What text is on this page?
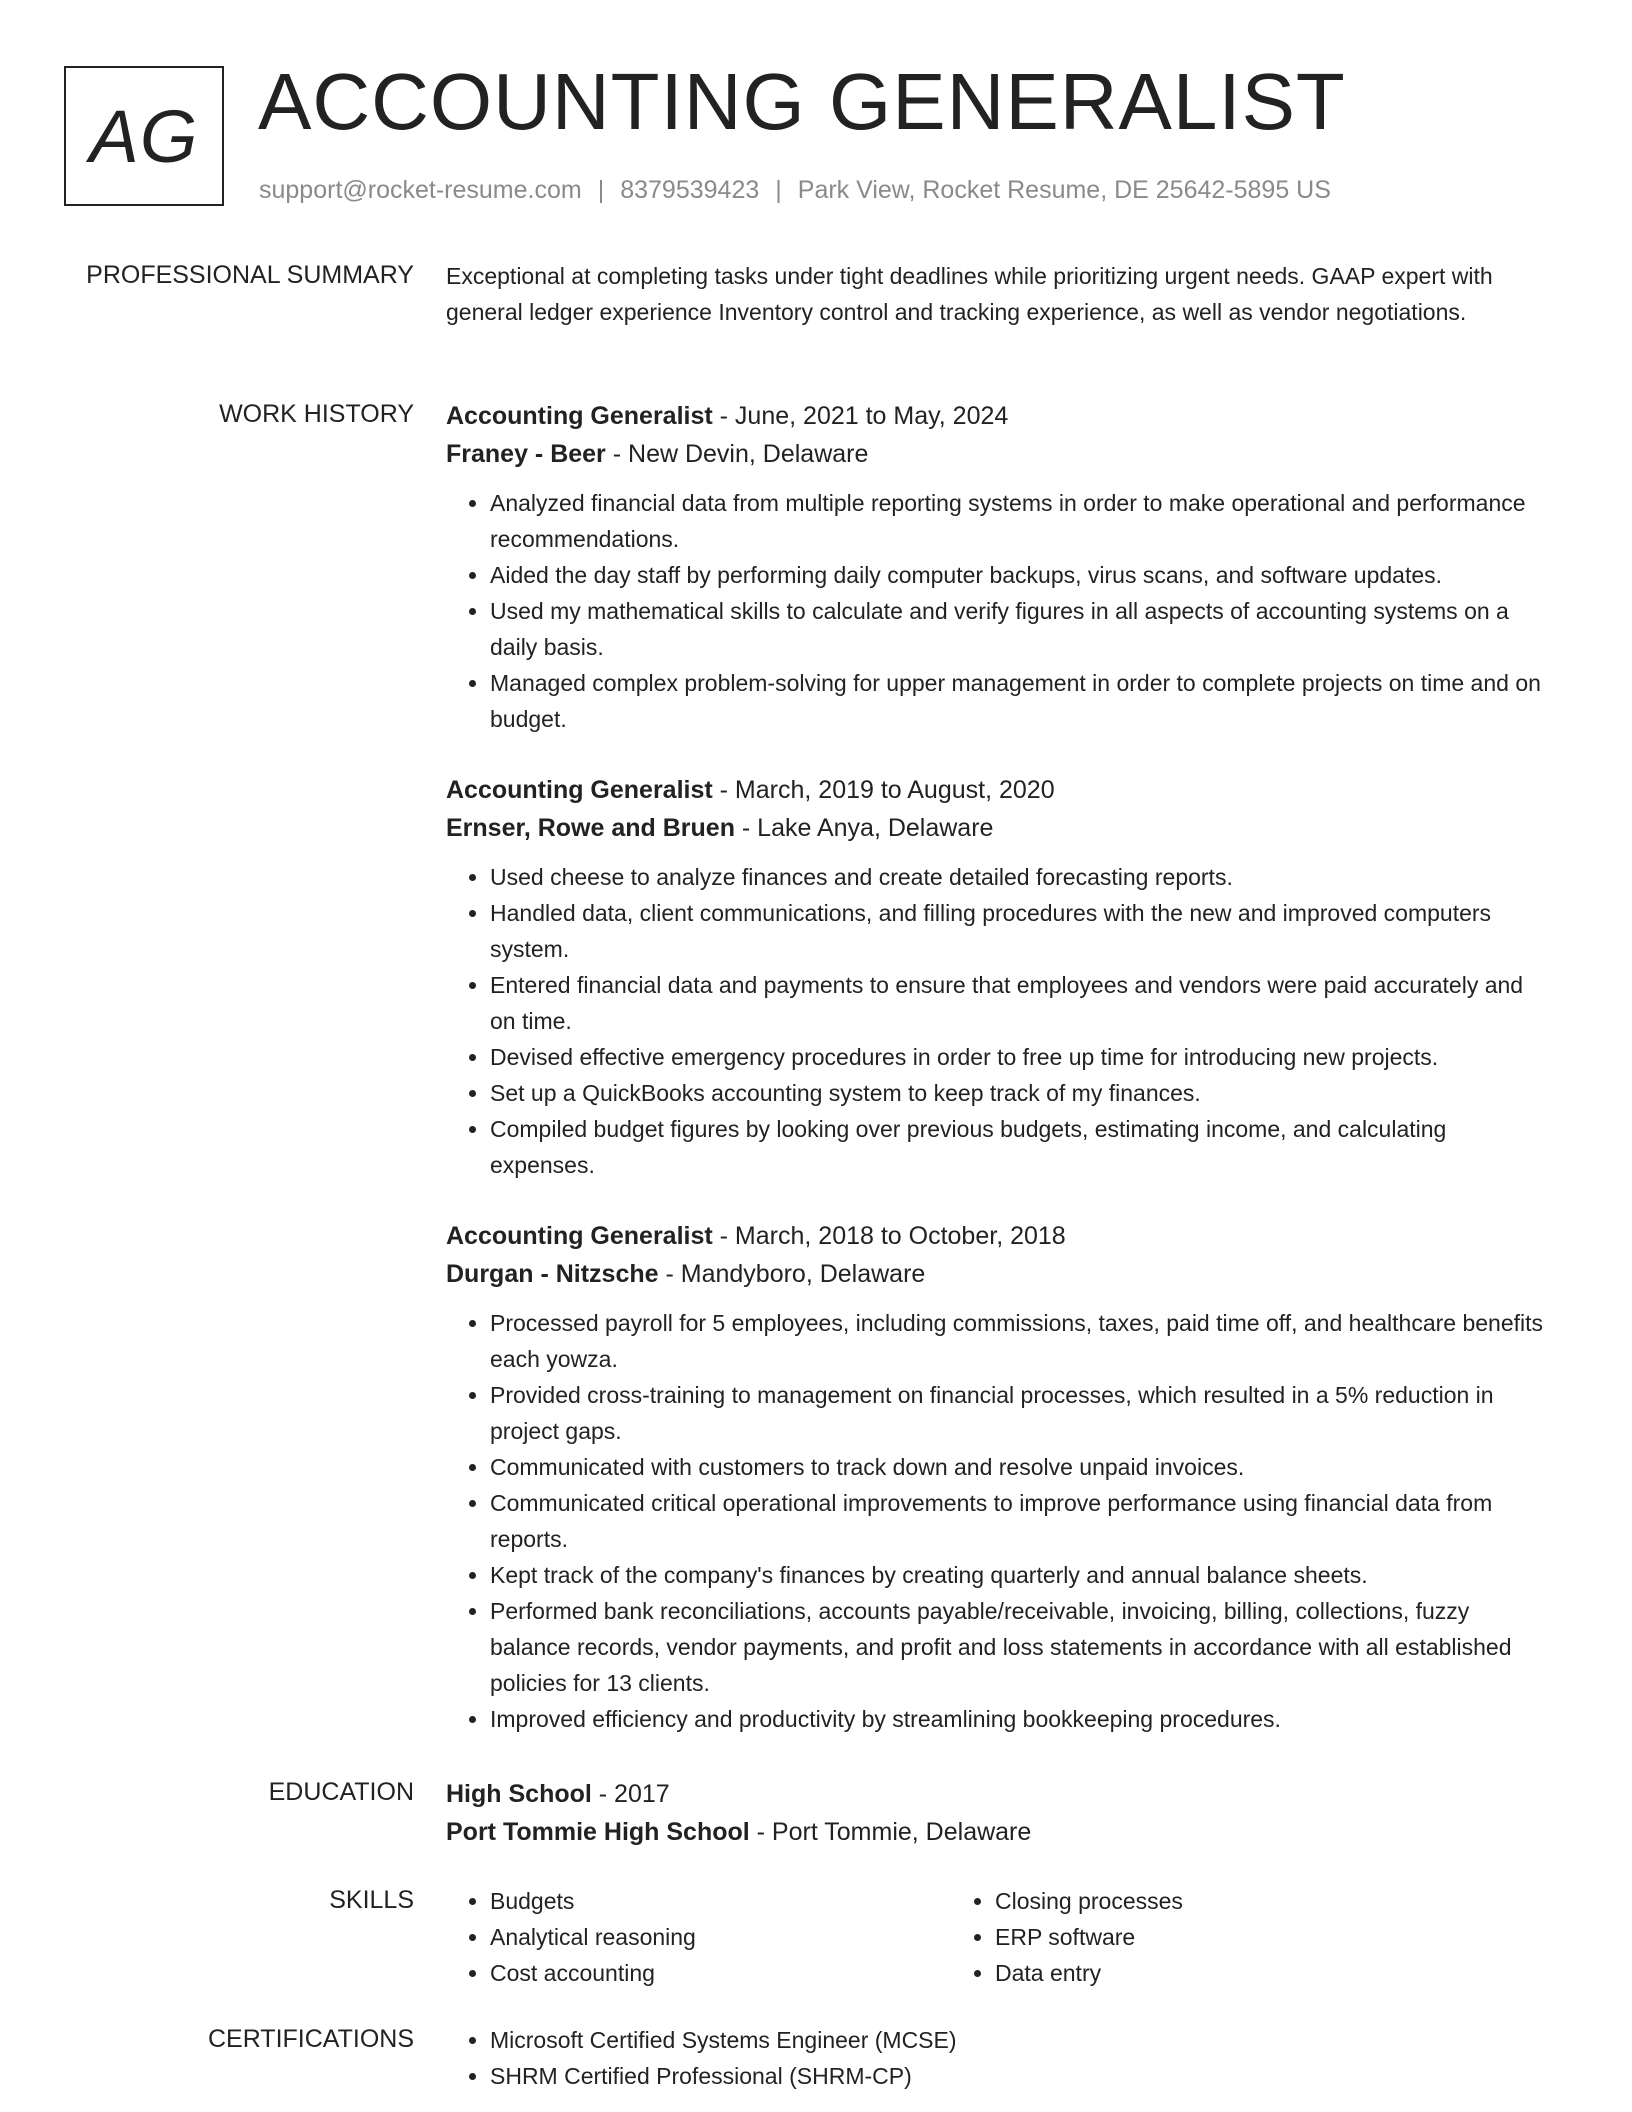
AG ACCOUNTING GENERALIST
support@rocket-resume.com | 8379539423 | Park View, Rocket Resume, DE 25642-5895 US
PROFESSIONAL SUMMARY Exceptional at completing tasks under tight deadlines while prioritizing urgent needs. GAAP expert with general ledger experience Inventory control and tracking experience, as well as vendor negotiations.

WORK HISTORY Accounting Generalist - June, 2021 to May, 2024
Franey - Beer - New Devin, Delaware
• Analyzed financial data from multiple reporting systems in order to make operational and performance recommendations.
• Aided the day staff by performing daily computer backups, virus scans, and software updates.
• Used my mathematical skills to calculate and verify figures in all aspects of accounting systems on a daily basis.
• Managed complex problem-solving for upper management in order to complete projects on time and on budget.
Accounting Generalist - March, 2019 to August, 2020
Ernser, Rowe and Bruen - Lake Anya, Delaware
• Used cheese to analyze finances and create detailed forecasting reports.
• Handled data, client communications, and filling procedures with the new and improved computers system.
• Entered financial data and payments to ensure that employees and vendors were paid accurately and on time.
• Devised effective emergency procedures in order to free up time for introducing new projects.
• Set up a QuickBooks accounting system to keep track of my finances.
• Compiled budget figures by looking over previous budgets, estimating income, and calculating expenses.
Accounting Generalist - March, 2018 to October, 2018
Durgan - Nitzsche - Mandyboro, Delaware
• Processed payroll for 5 employees, including commissions, taxes, paid time off, and healthcare benefits each yowza.
• Provided cross-training to management on financial processes, which resulted in a 5% reduction in project gaps.
• Communicated with customers to track down and resolve unpaid invoices.
• Communicated critical operational improvements to improve performance using financial data from reports.
• Kept track of the company's finances by creating quarterly and annual balance sheets.
• Performed bank reconciliations, accounts payable/receivable, invoicing, billing, collections, fuzzy balance records, vendor payments, and profit and loss statements in accordance with all established policies for 13 clients.
• Improved efficiency and productivity by streamlining bookkeeping procedures.
EDUCATION High School - 2017
Port Tommie High School - Port Tommie, Delaware
SKILLS	• Budgets
• Analytical reasoning
• Cost accounting
• Closing processes
• ERP software
• Data entry
CERTIFICATIONS	• Microsoft Certified Systems Engineer (MCSE)
• SHRM Certified Professional (SHRM-CP)
